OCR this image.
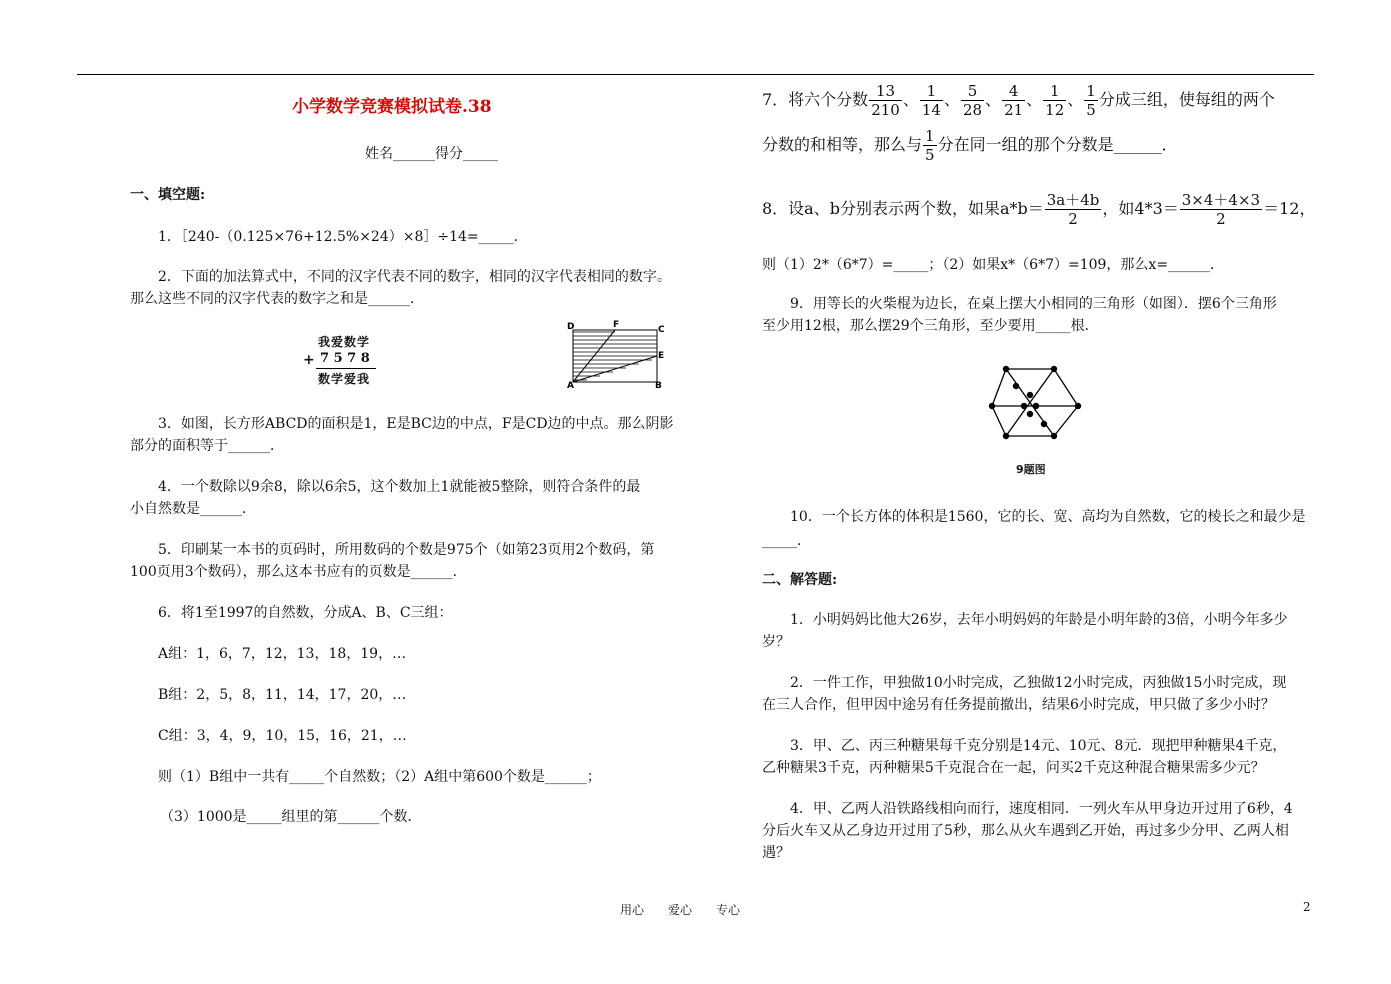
小学数学竞赛模拟试卷.38
姓名______得分_____
一、填空题:
1．［240-（0.125×76+12.5%×24）×8］÷14=_____．
2．下面的加法算式中，不同的汉字代表不同的数字，相同的汉字代表相同的数字。
那么这些不同的汉字代表的数字之和是______．
我爱数学
+ 7 5 7 8
数学爱我
D	F	C
E
A	B
3．如图，长方形ABCD的面积是1，E是BC边的中点，F是CD边的中点。那么阴影
部分的面积等于______．
4．一个数除以9余8，除以6余5，这个数加上1就能被5整除，则符合条件的最
小自然数是______．
5．印刷某一本书的页码时，所用数码的个数是975个（如第23页用2个数码，第
100页用3个数码），那么这本书应有的页数是______．
6．将1至1997的自然数，分成A、B、C三组：
A组：1，6，7，12，13，18，19，…
B组：2，5，8，11，14，17，20，…
C组：3，4，9，10，15，16，21，…
则（1）B组中一共有_____个自然数；（2）A组中第600个数是______；
（3）1000是_____组里的第______个数．
7．将六个分数 $\frac{13}{210}$ 、 $\frac{1}{14}$ 、 $\frac{5}{28}$ 、 $\frac{4}{21}$ 、 $\frac{1}{12}$ 、 $\frac{1}{5}$ 分成三组，使每组的两个
分数的和相等，那么与 $\frac{1}{5}$ 分在同一组的那个分数是______．
8．设a、b分别表示两个数，如果$a*b= \frac{3a+4b}{2}$ ，如$4*3= \frac{3\times 4+4\times 3}{2} =12$，
则（1）2*（6*7）=_____；（2）如果x*（6*7）=109，那么x=______．
9．用等长的火柴棍为边长，在桌上摆大小相同的三角形（如图）．摆6个三角形
至少用12根，那么摆29个三角形，至少要用_____根．
9题图
10．一个长方体的体积是1560，它的长、宽、高均为自然数，它的棱长之和最少是
_____．
二、解答题:
1．小明妈妈比他大26岁，去年小明妈妈的年龄是小明年龄的3倍，小明今年多少
岁？
2．一件工作，甲独做10小时完成，乙独做12小时完成，丙独做15小时完成，现
在三人合作，但甲因中途另有任务提前撤出，结果6小时完成，甲只做了多少小时？
3．甲、乙、丙三种糖果每千克分别是14元、10元、8元．现把甲种糖果4千克，
乙种糖果3千克，丙种糖果5千克混合在一起，问买2千克这种混合糖果需多少元？
4．甲、乙两人沿铁路线相向而行，速度相同．一列火车从甲身边开过用了6秒，4
分后火车又从乙身边开过用了5秒，那么从火车遇到乙开始，再过多少分甲、乙两人相
遇？
用心　　爱心　　专心	2
